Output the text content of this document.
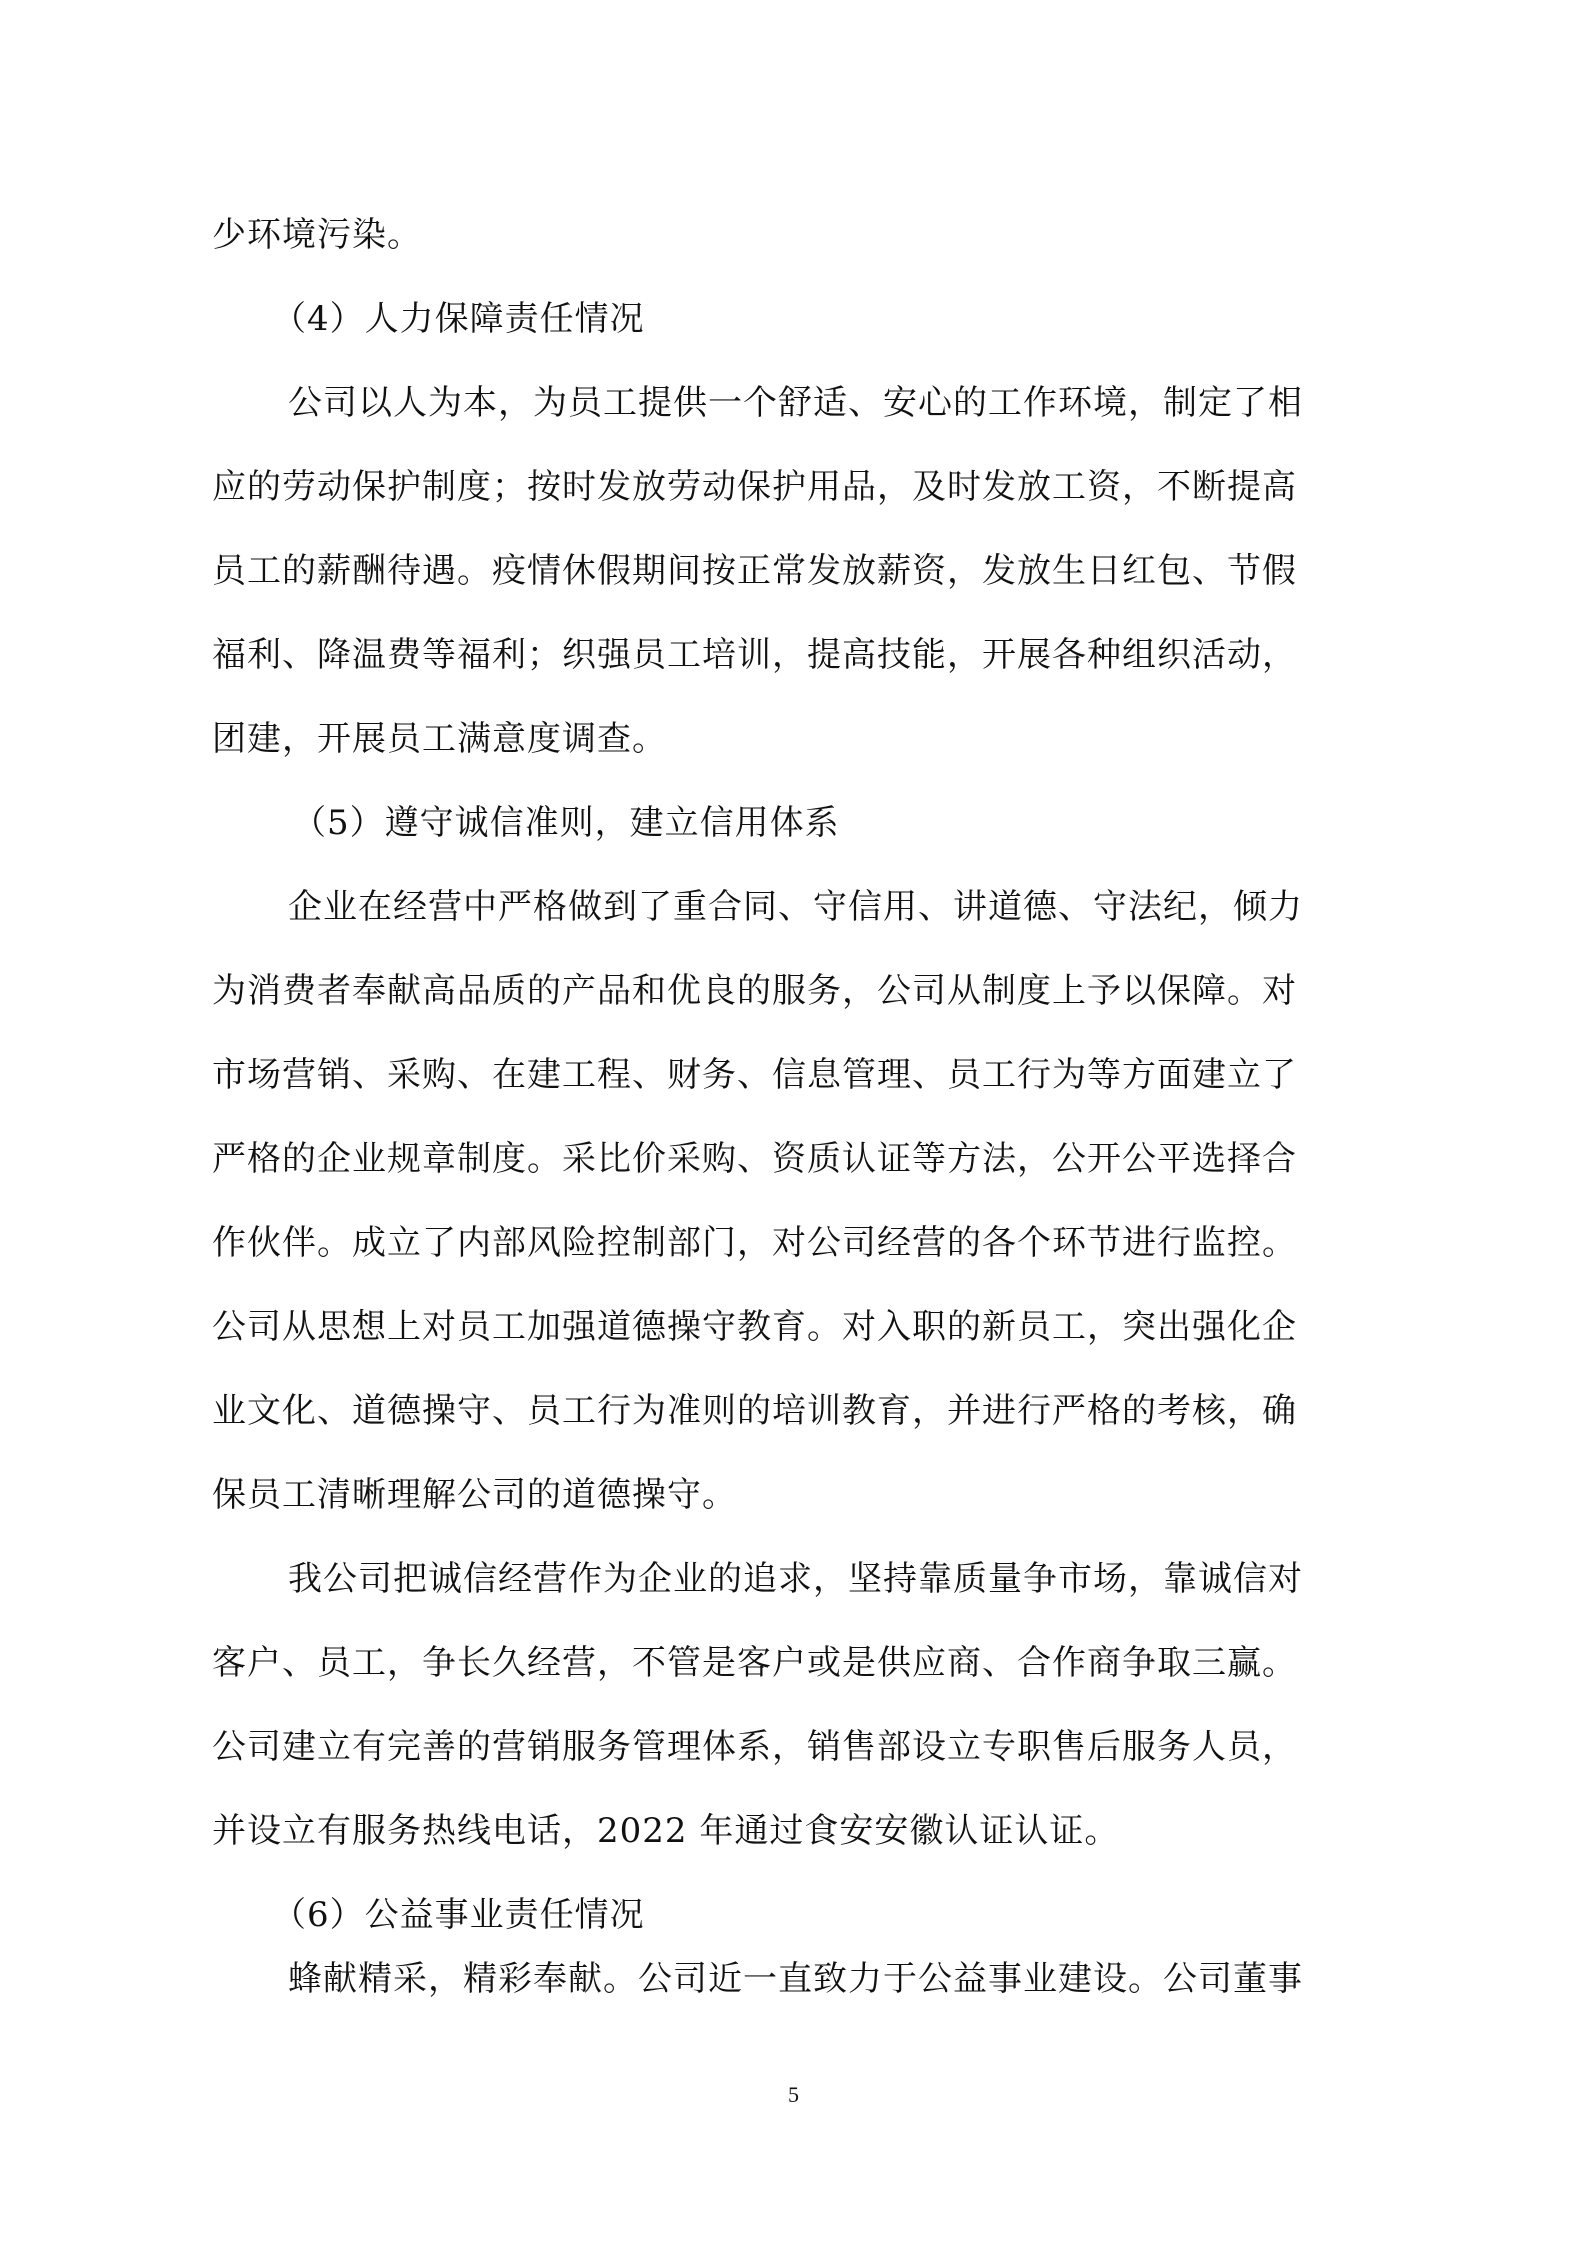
少环境污染。
（4）人力保障责任情况
公司以人为本，为员工提供一个舒适、安心的工作环境，制定了相
应的劳动保护制度；按时发放劳动保护用品，及时发放工资，不断提高
员工的薪酬待遇。疫情休假期间按正常发放薪资，发放生日红包、节假
福利、降温费等福利；织强员工培训，提高技能，开展各种组织活动，
团建，开展员工满意度调查。
（5）遵守诚信准则，建立信用体系
企业在经营中严格做到了重合同、守信用、讲道德、守法纪，倾力
为消费者奉献高品质的产品和优良的服务，公司从制度上予以保障。对
市场营销、采购、在建工程、财务、信息管理、员工行为等方面建立了
严格的企业规章制度。采比价采购、资质认证等方法，公开公平选择合
作伙伴。成立了内部风险控制部门，对公司经营的各个环节进行监控。
公司从思想上对员工加强道德操守教育。对入职的新员工，突出强化企
业文化、道德操守、员工行为准则的培训教育，并进行严格的考核，确
保员工清晰理解公司的道德操守。
我公司把诚信经营作为企业的追求，坚持靠质量争市场，靠诚信对
客户、员工，争长久经营，不管是客户或是供应商、合作商争取三赢。
公司建立有完善的营销服务管理体系，销售部设立专职售后服务人员，
并设立有服务热线电话，2022 年通过食安安徽认证认证。
（6）公益事业责任情况
蜂献精采，精彩奉献。公司近一直致力于公益事业建设。公司董事
5
